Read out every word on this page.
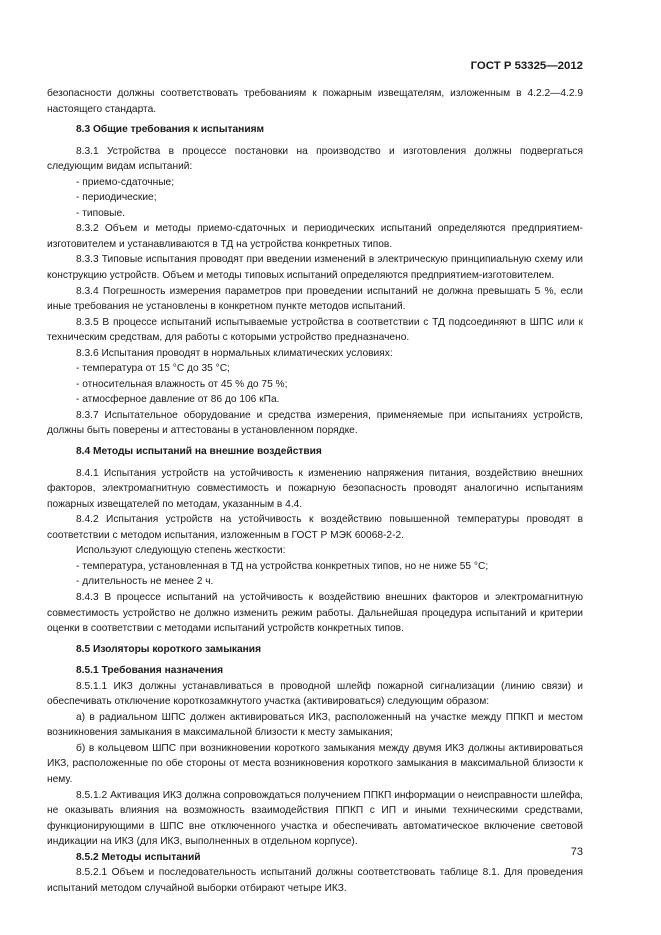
ГОСТ Р 53325—2012

безопасности должны соответствовать требованиям к пожарным извещателям, изложенным в 4.2.2—4.2.9 настоящего стандарта.

8.3 Общие требования к испытаниям

8.3.1 Устройства в процессе постановки на производство и изготовления должны подвергаться следующим видам испытаний:

- приемо-сдаточные;

- периодические;

- типовые.

8.3.2 Объем и методы приемо-сдаточных и периодических испытаний определяются предприятием-изготовителем и устанавливаются в ТД на устройства конкретных типов.

8.3.3 Типовые испытания проводят при введении изменений в электрическую принципиальную схему или конструкцию устройств. Объем и методы типовых испытаний определяются предприятием-изготовителем.

8.3.4 Погрешность измерения параметров при проведении испытаний не должна превышать 5 %, если иные требования не установлены в конкретном пункте методов испытаний.

8.3.5 В процессе испытаний испытываемые устройства в соответствии с ТД подсоединяют в ШПС или к техническим средствам, для работы с которыми устройство предназначено.

8.3.6 Испытания проводят в нормальных климатических условиях:

- температура от 15 °С до 35 °С;

- относительная влажность от 45 % до 75 %;

- атмосферное давление от 86 до 106 кПа.

8.3.7 Испытательное оборудование и средства измерения, применяемые при испытаниях устройств, должны быть поверены и аттестованы в установленном порядке.

8.4 Методы испытаний на внешние воздействия

8.4.1 Испытания устройств на устойчивость к изменению напряжения питания, воздействию внешних факторов, электромагнитную совместимость и пожарную безопасность проводят аналогично испытаниям пожарных извещателей по методам, указанным в 4.4.

8.4.2 Испытания устройств на устойчивость к воздействию повышенной температуры проводят в соответствии с методом испытания, изложенным в ГОСТ Р МЭК 60068-2-2.

Используют следующую степень жесткости:

- температура, установленная в ТД на устройства конкретных типов, но не ниже 55 °С;

- длительность не менее 2 ч.

8.4.3 В процессе испытаний на устойчивость к воздействию внешних факторов и электромагнитную совместимость устройство не должно изменить режим работы. Дальнейшая процедура испытаний и критерии оценки в соответствии с методами испытаний устройств конкретных типов.

8.5 Изоляторы короткого замыкания

8.5.1 Требования назначения

8.5.1.1 ИКЗ должны устанавливаться в проводной шлейф пожарной сигнализации (линию связи) и обеспечивать отключение короткозамкнутого участка (активироваться) следующим образом:

а) в радиальном ШПС должен активироваться ИКЗ, расположенный на участке между ППКП и местом возникновения замыкания в максимальной близости к месту замыкания;

б) в кольцевом ШПС при возникновении короткого замыкания между двумя ИКЗ должны активироваться ИКЗ, расположенные по обе стороны от места возникновения короткого замыкания в максимальной близости к нему.

8.5.1.2 Активация ИКЗ должна сопровождаться получением ППКП информации о неисправности шлейфа, не оказывать влияния на возможность взаимодействия ППКП с ИП и иными техническими средствами, функционирующими в ШПС вне отключенного участка и обеспечивать автоматическое включение световой индикации на ИКЗ (для ИКЗ, выполненных в отдельном корпусе).

8.5.2 Методы испытаний

8.5.2.1 Объем и последовательность испытаний должны соответствовать таблице 8.1. Для проведения испытаний методом случайной выборки отбирают четыре ИКЗ.

73
